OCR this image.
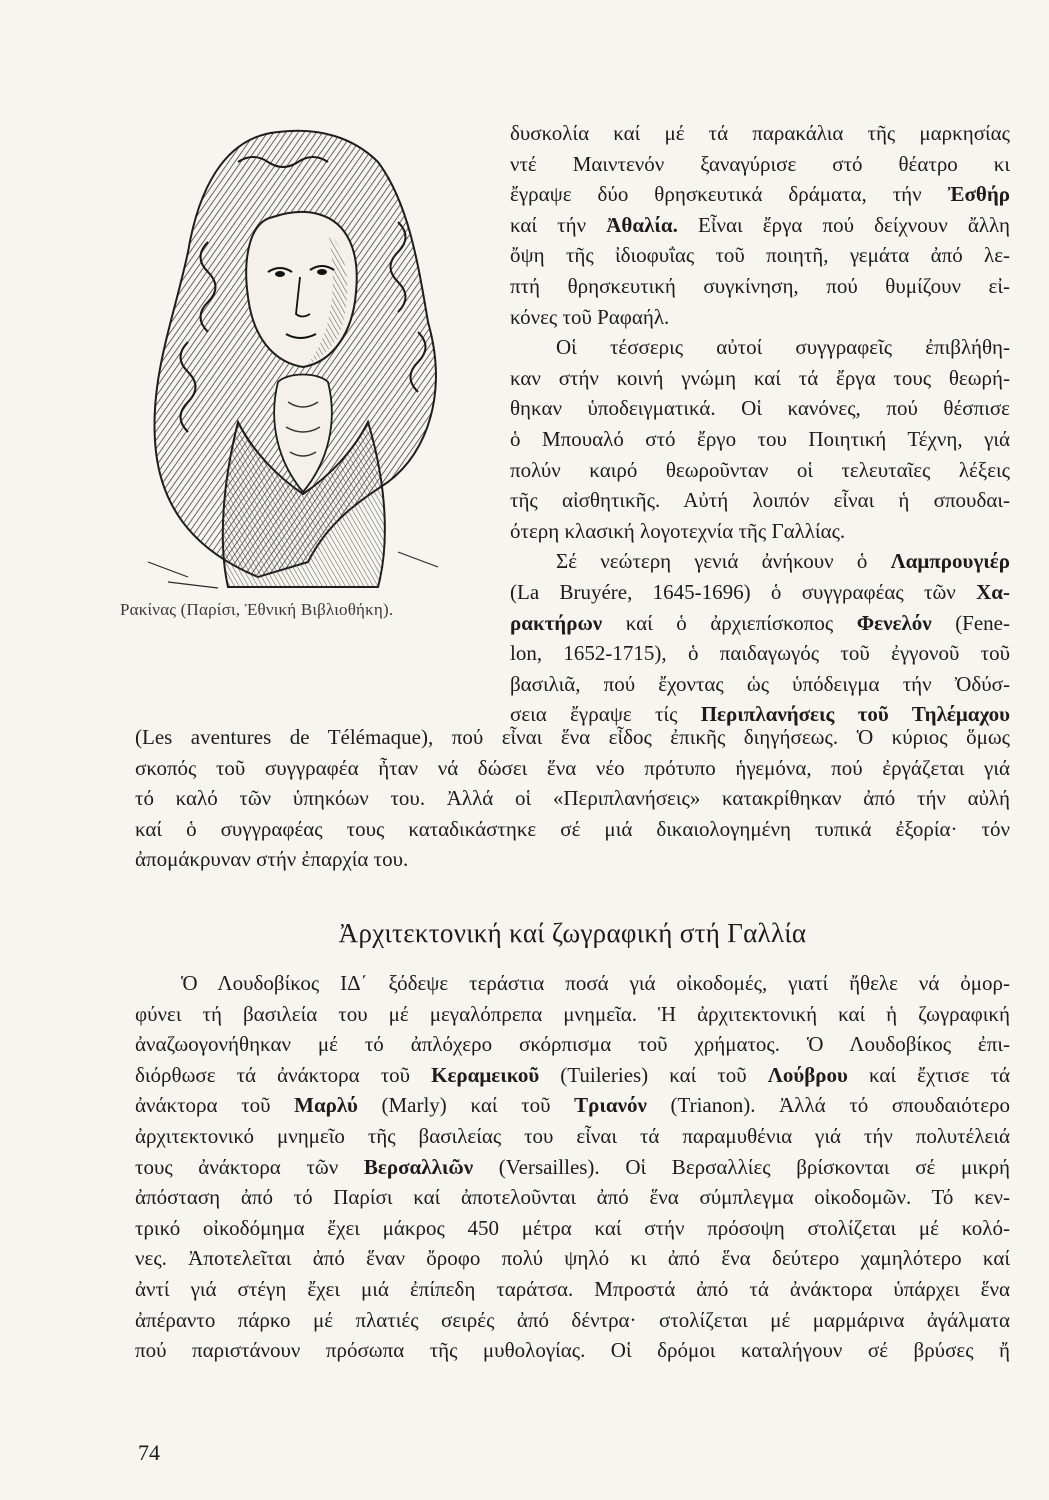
Ρακίνας (Παρίσι, Ἐθνική Βιβλιοθήκη).
δυσκολία καί μέ τά παρακάλια τῆς μαρκησίας
ντέ Μαιντενόν ξαναγύρισε στό θέατρο κι
ἔγραψε δύο θρησκευτικά δράματα, τήν Ἐσθήρ
καί τήν Ἀθαλία. Εἶναι ἔργα πού δείχνουν ἄλλη
ὄψη τῆς ἰδιοφυΐας τοῦ ποιητῆ, γεμάτα ἀπό λε-
πτή θρησκευτική συγκίνηση, πού θυμίζουν εἰ-
κόνες τοῦ Ραφαήλ.
Οἱ τέσσερις αὐτοί συγγραφεῖς ἐπιβλήθη-
καν στήν κοινή γνώμη καί τά ἔργα τους θεωρή-
θηκαν ὑποδειγματικά. Οἱ κανόνες, πού θέσπισε
ὁ Μπουαλό στό ἔργο του Ποιητική Τέχνη, γιά
πολύν καιρό θεωροῦνταν οἱ τελευταῖες λέξεις
τῆς αἰσθητικῆς. Αὐτή λοιπόν εἶναι ἡ σπουδαι-
ότερη κλασική λογοτεχνία τῆς Γαλλίας.
Σέ νεώτερη γενιά ἀνήκουν ὁ Λαμπρουγιέρ
(La Bruyére, 1645-1696) ὁ συγγραφέας τῶν Χα-
ρακτήρων καί ὁ ἀρχιεπίσκοπος Φενελόν (Fene-
lon, 1652-1715), ὁ παιδαγωγός τοῦ ἐγγονοῦ τοῦ
βασιλιᾶ, πού ἔχοντας ὡς ὑπόδειγμα τήν Ὀδύσ-
σεια ἔγραψε τίς Περιπλανήσεις τοῦ Τηλέμαχου
(Les aventures de Télémaque), πού εἶναι ἕνα εἶδος ἐπικῆς διηγήσεως. Ὁ κύριος ὅμως
σκοπός τοῦ συγγραφέα ἦταν νά δώσει ἕνα νέο πρότυπο ἡγεμόνα, πού ἐργάζεται γιά
τό καλό τῶν ὑπηκόων του. Ἀλλά οἱ «Περιπλανήσεις» κατακρίθηκαν ἀπό τήν αὐλή
καί ὁ συγγραφέας τους καταδικάστηκε σέ μιά δικαιολογημένη τυπικά ἐξορία· τόν
ἀπομάκρυναν στήν ἐπαρχία του.
Ἀρχιτεκτονική καί ζωγραφική στή Γαλλία
Ὁ Λουδοβίκος ΙΔ΄ ξόδεψε τεράστια ποσά γιά οἰκοδομές, γιατί ἤθελε νά ὀμορ-
φύνει τή βασιλεία του μέ μεγαλόπρεπα μνημεῖα. Ἡ ἀρχιτεκτονική καί ἡ ζωγραφική
ἀναζωογονήθηκαν μέ τό ἀπλόχερο σκόρπισμα τοῦ χρήματος. Ὁ Λουδοβίκος ἐπι-
διόρθωσε τά ἀνάκτορα τοῦ Κεραμεικοῦ (Tuileries) καί τοῦ Λούβρου καί ἔχτισε τά
ἀνάκτορα τοῦ Μαρλύ (Marly) καί τοῦ Τριανόν (Trianon). Ἀλλά τό σπουδαιότερο
ἀρχιτεκτονικό μνημεῖο τῆς βασιλείας του εἶναι τά παραμυθένια γιά τήν πολυτέλειά
τους ἀνάκτορα τῶν Βερσαλλιῶν (Versailles). Οἱ Βερσαλλίες βρίσκονται σέ μικρή
ἀπόσταση ἀπό τό Παρίσι καί ἀποτελοῦνται ἀπό ἕνα σύμπλεγμα οἰκοδομῶν. Τό κεν-
τρικό οἰκοδόμημα ἔχει μάκρος 450 μέτρα καί στήν πρόσοψη στολίζεται μέ κολό-
νες. Ἀποτελεῖται ἀπό ἕναν ὄροφο πολύ ψηλό κι ἀπό ἕνα δεύτερο χαμηλότερο καί
ἀντί γιά στέγη ἔχει μιά ἐπίπεδη ταράτσα. Μπροστά ἀπό τά ἀνάκτορα ὑπάρχει ἕνα
ἀπέραντο πάρκο μέ πλατιές σειρές ἀπό δέντρα· στολίζεται μέ μαρμάρινα ἀγάλματα
πού παριστάνουν πρόσωπα τῆς μυθολογίας. Οἱ δρόμοι καταλήγουν σέ βρύσες ἤ
74
